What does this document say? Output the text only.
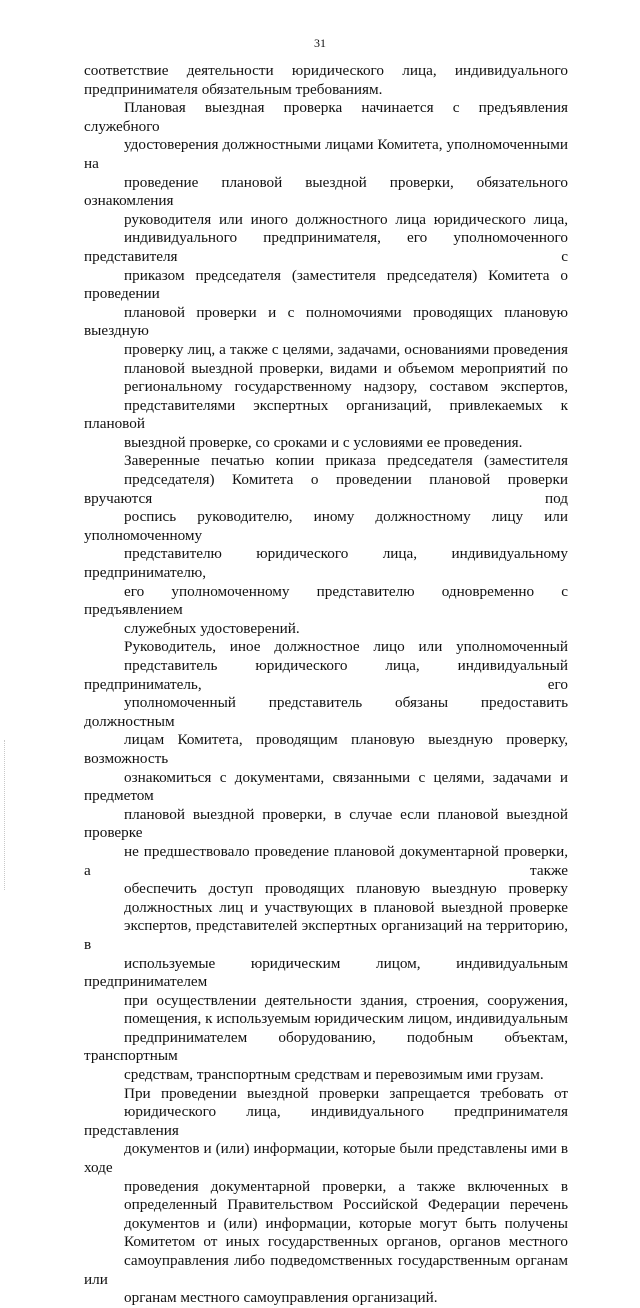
31

соответствие деятельности юридического лица, индивидуального
предпринимателя обязательным требованиям.

Плановая выездная проверка начинается с предъявления служебного
удостоверения должностными лицами Комитета, уполномоченными на
проведение плановой выездной проверки, обязательного ознакомления
руководителя или иного должностного лица юридического лица,
индивидуального предпринимателя, его уполномоченного представителя с
приказом председателя (заместителя председателя) Комитета о проведении
плановой проверки и с полномочиями проводящих плановую выездную
проверку лиц, а также с целями, задачами, основаниями проведения
плановой выездной проверки, видами и объемом мероприятий по
региональному государственному надзору, составом экспертов,
представителями экспертных организаций, привлекаемых к плановой
выездной проверке, со сроками и с условиями ее проведения.

Заверенные печатью копии приказа председателя (заместителя
председателя) Комитета о проведении плановой проверки вручаются под
роспись руководителю, иному должностному лицу или уполномоченному
представителю юридического лица, индивидуальному предпринимателю,
его уполномоченному представителю одновременно с предъявлением
служебных удостоверений.

Руководитель, иное должностное лицо или уполномоченный
представитель юридического лица, индивидуальный предприниматель, его
уполномоченный представитель обязаны предоставить должностным
лицам Комитета, проводящим плановую выездную проверку, возможность
ознакомиться с документами, связанными с целями, задачами и предметом
плановой выездной проверки, в случае если плановой выездной проверке
не предшествовало проведение плановой документарной проверки, а также
обеспечить доступ проводящих плановую выездную проверку
должностных лиц и участвующих в плановой выездной проверке
экспертов, представителей экспертных организаций на территорию, в
используемые юридическим лицом, индивидуальным предпринимателем
при осуществлении деятельности здания, строения, сооружения,
помещения, к используемым юридическим лицом, индивидуальным
предпринимателем оборудованию, подобным объектам, транспортным
средствам, транспортным средствам и перевозимым ими грузам.

При проведении выездной проверки запрещается требовать от
юридического лица, индивидуального предпринимателя представления
документов и (или) информации, которые были представлены ими в ходе
проведения документарной проверки, а также включенных в
определенный Правительством Российской Федерации перечень
документов и (или) информации, которые могут быть получены
Комитетом от иных государственных органов, органов местного
самоуправления либо подведомственных государственным органам или
органам местного самоуправления организаций.
